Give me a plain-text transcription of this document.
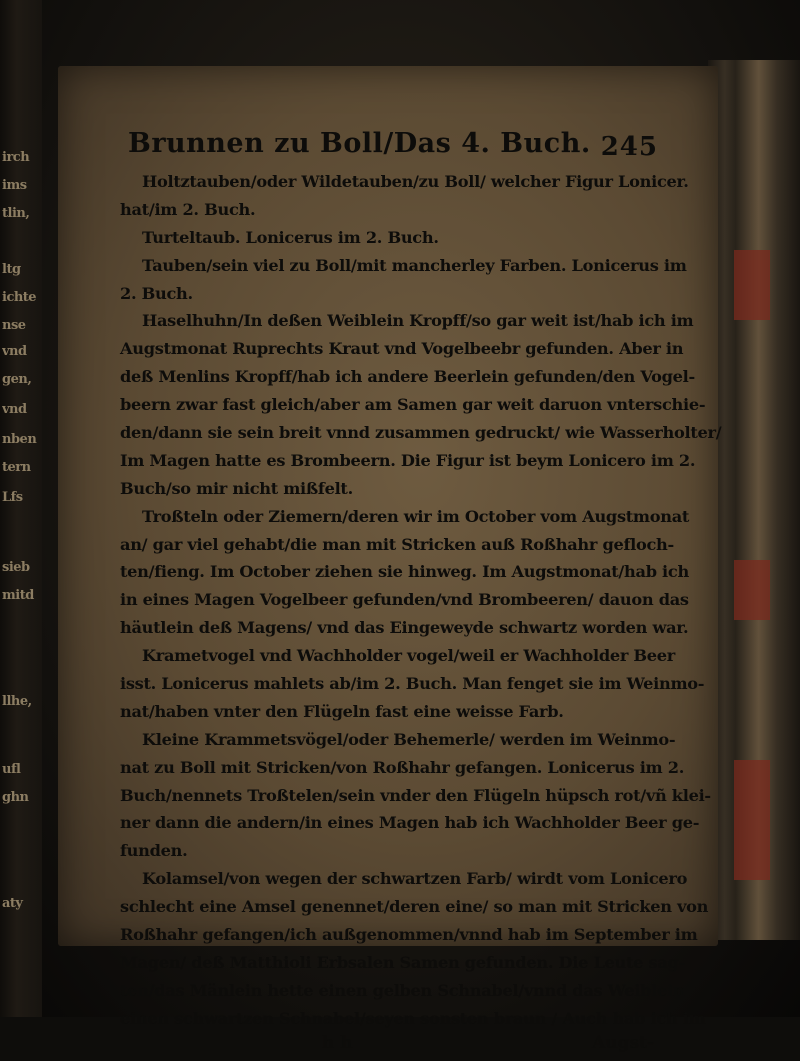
irch
ims
tlin,
ltg
ichte
nse
vnd
gen,
vnd
nben
tern
Lfs
sieb
mitd
llhe,
ufl
ghn
aty
Brunnen zu Boll/Das 4. Buch. 245
Holtztauben/oder Wildetauben/zu Boll/ welcher Figur Lonicer.
hat/im 2. Buch.
Turteltaub. Lonicerus im 2. Buch.
Tauben/sein viel zu Boll/mit mancherley Farben. Lonicerus im
2. Buch.
Haselhuhn/In deßen Weiblein Kropff/so gar weit ist/hab ich im
Augstmonat Ruprechts Kraut vnd Vogelbeebr gefunden. Aber in
deß Menlins Kropff/hab ich andere Beerlein gefunden/den Vogel-
beern zwar fast gleich/aber am Samen gar weit daruon vnterschie-
den/dann sie sein breit vnnd zusammen gedruckt/ wie Wasserholter/
Im Magen hatte es Brombeern. Die Figur ist beym Lonicero im 2.
Buch/so mir nicht mißfelt.
Troßteln oder Ziemern/deren wir im October vom Augstmonat
an/ gar viel gehabt/die man mit Stricken auß Roßhahr gefloch-
ten/fieng. Im October ziehen sie hinweg. Im Augstmonat/hab ich
in eines Magen Vogelbeer gefunden/vnd Brombeeren/ dauon das
häutlein deß Magens/ vnd das Eingeweyde schwartz worden war.
Krametvogel vnd Wachholder vogel/weil er Wachholder Beer
isst. Lonicerus mahlets ab/im 2. Buch. Man fenget sie im Weinmo-
nat/haben vnter den Flügeln fast eine weisse Farb.
Kleine Krammetsvögel/oder Behemerle/ werden im Weinmo-
nat zu Boll mit Stricken/von Roßhahr gefangen. Lonicerus im 2.
Buch/nennets Troßtelen/sein vnder den Flügeln hüpsch rot/vñ klei-
ner dann die andern/in eines Magen hab ich Wachholder Beer ge-
funden.
Kolamsel/von wegen der schwartzen Farb/ wirdt vom Lonicero
schlecht eine Amsel genennet/deren eine/ so man mit Stricken von
Roßhahr gefangen/ich außgenommen/vnnd hab im September im
Magen/ deß Matthioli Erbsalen Samen gefunden. Die Leute sag-
ten/das Mänlein hette einen gelben Schnabel/vnnd das Weiblein
einen schwartzen Schnabel/seyen sonsten braun / Auch hab ich im
h h	Augst-
